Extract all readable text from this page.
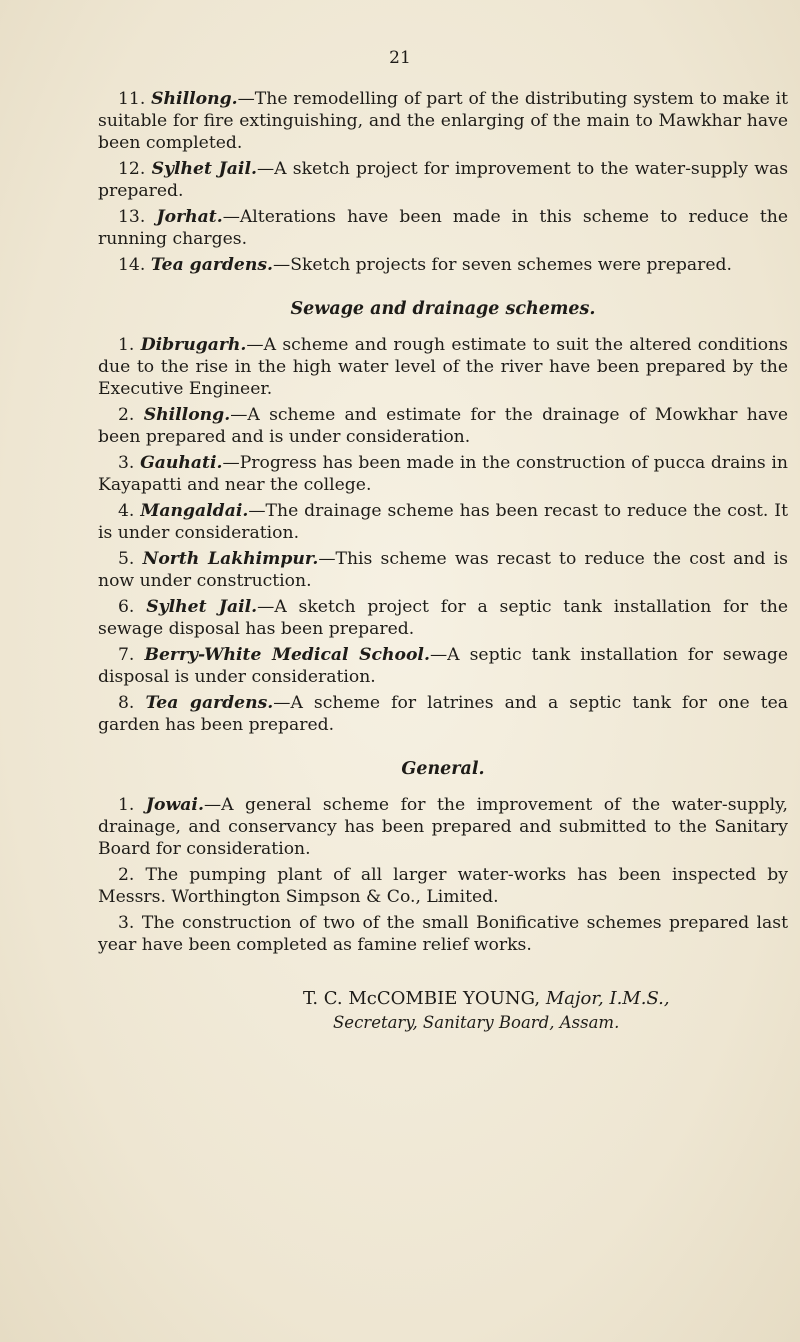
21

11. Shillong.—The remodelling of part of the distributing system to make it suitable for fire extinguishing, and the enlarging of the main to Mawkhar have been completed.

12. Sylhet Jail.—A sketch project for improvement to the water-supply was prepared.

13. Jorhat.—Alterations have been made in this scheme to reduce the running charges.

14. Tea gardens.—Sketch projects for seven schemes were prepared.

Sewage and drainage schemes.

1. Dibrugarh.—A scheme and rough estimate to suit the altered conditions due to the rise in the high water level of the river have been prepared by the Executive Engineer.

2. Shillong.—A scheme and estimate for the drainage of Mowkhar have been prepared and is under consideration.

3. Gauhati.—Progress has been made in the construction of pucca drains in Kayapatti and near the college.

4. Mangaldai.—The drainage scheme has been recast to reduce the cost. It is under consideration.

5. North Lakhimpur.—This scheme was recast to reduce the cost and is now under construction.

6. Sylhet Jail.—A sketch project for a septic tank installation for the sewage disposal has been prepared.

7. Berry-White Medical School.—A septic tank installation for sewage disposal is under consideration.

8. Tea gardens.—A scheme for latrines and a septic tank for one tea garden has been prepared.

General.

1. Jowai.—A general scheme for the improvement of the water-supply, drainage, and conservancy has been prepared and submitted to the Sanitary Board for consideration.

2. The pumping plant of all larger water-works has been inspected by Messrs. Worthington Simpson & Co., Limited.

3. The construction of two of the small Bonificative schemes prepared last year have been completed as famine relief works.

T. C. McCOMBIE YOUNG, Major, I.M.S.,
Secretary, Sanitary Board, Assam.
